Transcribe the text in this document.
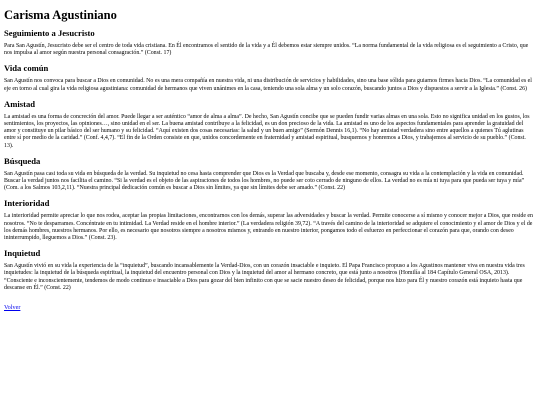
Carisma Agustiniano
Seguimiento a Jesucristo

Para San Agustín, Jesucristo debe ser el centro de toda vida cristiana. En Él encontramos el sentido de la vida y a Él debemos estar siempre unidos. “La norma fundamental de la vida religiosa es el seguimiento a Cristo, que nos impulsa al amor según nuestra personal consagración.” (Const. 17)

Vida común

San Agustín nos convoca para buscar a Dios en comunidad. No es una mera compañía en nuestra vida, ni una distribución de servicios y habilidades, sino una base sólida para guiarnos firmes hacia Dios. “La comunidad es el eje en torno al cual gira la vida religiosa agustiniana: comunidad de hermanos que viven unánimes en la casa, teniendo una sola alma y un solo corazón, buscando juntos a Dios y dispuestos a servir a la Iglesia.” (Const. 26)

Amistad

La amistad es una forma de concreción del amor. Puede llegar a ser auténtico “amor de alma a alma”. De hecho, San Agustín concibe que se pueden fundir varias almas en una sola. Esto no significa unidad en los gustos, los sentimientos, los proyectos, las opiniones…, sino unidad en el ser. La buena amistad contribuye a la felicidad, es un don precioso de la vida. La amistad es uno de los aspectos fundamentales para aprender la gratuidad del amor y constituye un pilar básico del ser humano y su felicidad. “Aquí existen dos cosas necesarias: la salud y un buen amigo” (Sermón Dennis 16,1). “No hay amistad verdadera sino entre aquellos a quienes Tú aglutinas entre sí por medio de la caridad.” (Conf. 4,4,7). “El fin de la Orden consiste en que, unidos concordemente en fraternidad y amistad espiritual, busquemos y honremos a Dios, y trabajemos al servicio de su pueblo.” (Const. 13).

Búsqueda

San Agustín pasa casi toda su vida en búsqueda de la verdad. Su inquietud no cesa hasta comprender que Dios es la Verdad que buscaba y, desde ese momento, consagra su vida a la contemplación y la vida en comunidad. Buscar la verdad juntos nos facilita el camino. “Si la verdad es el objeto de las aspiraciones de todos los hombres, no puede ser coto cerrado de ninguno de ellos. La verdad no es mía ni tuya para que pueda ser tuya y mía” (Com. a los Salmos 103,2,11). “Nuestra principal dedicación común es buscar a Dios sin límites, ya que sin límites debe ser amado.” (Const. 22)

Interioridad

La interioridad permite apreciar lo que nos rodea, aceptar las propias limitaciones, encontrarnos con los demás, superar las adversidades y buscar la verdad. Permite conocerse a sí mismo y conocer mejor a Dios, que reside en nosotros. “No te desparrames. Concéntrate en tu intimidad. La Verdad reside en el hombre interior.” (La verdadera religión 39,72). “A través del camino de la interioridad se adquiere el conocimiento y el amor de Dios y el de los demás hombres, nuestros hermanos. Por ello, es necesario que nosotros siempre a nosotros mismos y, entrando en nuestro interior, pongamos todo el esfuerzo en perfeccionar el corazón para que, orando con deseo ininterrumpido, lleguemos a Dios.” (Const. 23).

Inquietud

San Agustín vivió en su vida la experiencia de la “inquietud”, buscando incansablemente la Verdad-Dios, con un corazón insaciable e inquieto. El Papa Francisco propuso a los Agustinos mantener viva en nuestra vida tres inquietudes: la inquietud de la búsqueda espiritual, la inquietud del encuentro personal con Dios y la inquietud del amor al hermano concreto, que está junto a nosotros (Homilía al 184 Capítulo General OSA, 2013). “Consciente e inconscientemente, tendemos de modo continuo e insaciable a Dios para gozar del bien infinito con que se sacie nuestro deseo de felicidad, porque nos hizo para Él y nuestro corazón está inquieto hasta que descanse en Él.” (Const. 22)

Volver
